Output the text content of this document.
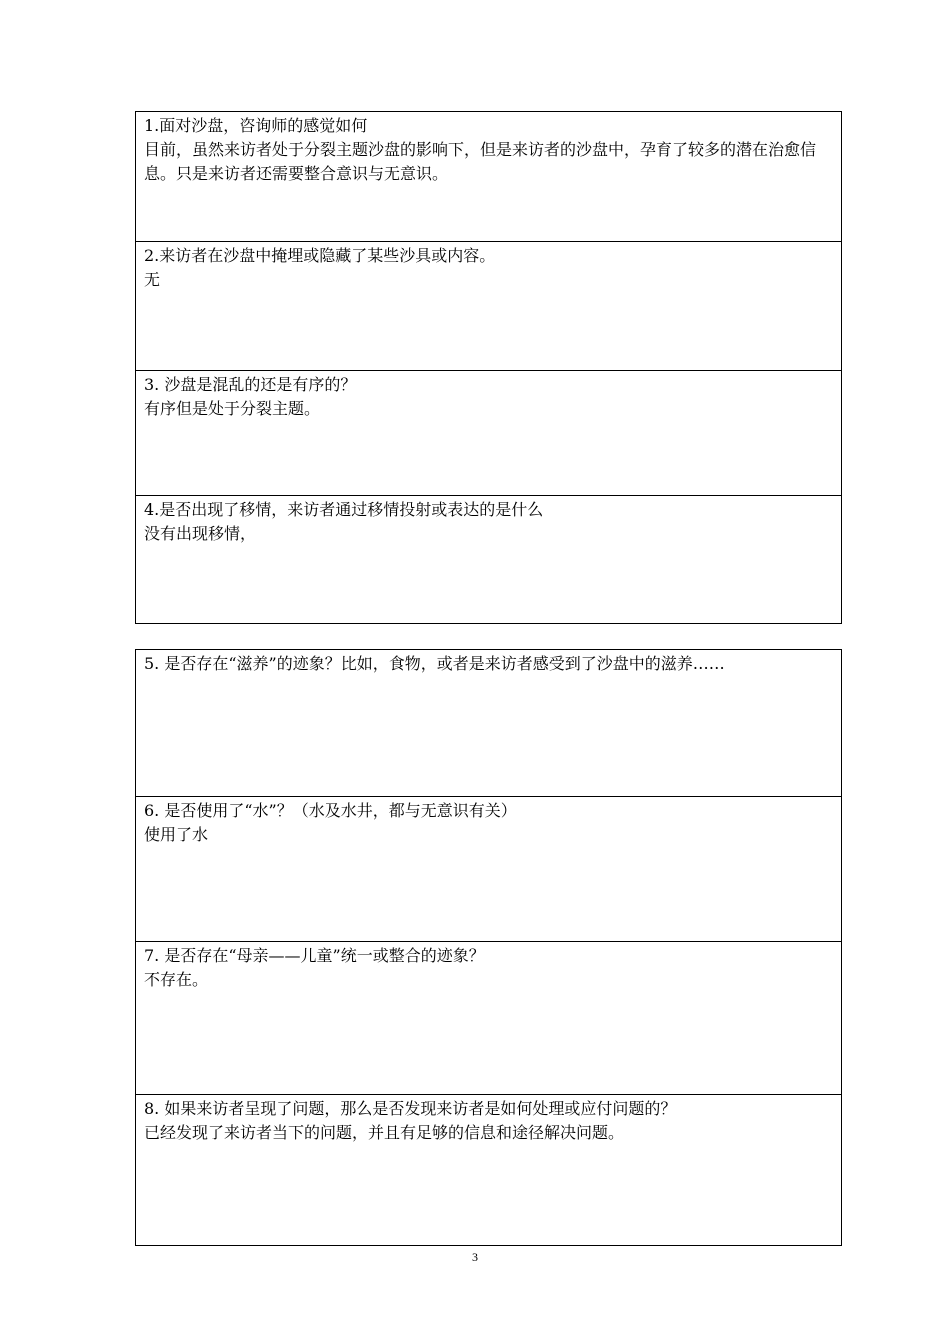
1.面对沙盘，咨询师的感觉如何
目前，虽然来访者处于分裂主题沙盘的影响下，但是来访者的沙盘中，孕育了较多的潜在治愈信息。只是来访者还需要整合意识与无意识。
2.来访者在沙盘中掩埋或隐藏了某些沙具或内容。
无
3. 沙盘是混乱的还是有序的？
有序但是处于分裂主题。
4.是否出现了移情，来访者通过移情投射或表达的是什么
没有出现移情，
5. 是否存在“滋养”的迹象？比如，食物，或者是来访者感受到了沙盘中的滋养……
6. 是否使用了“水”？（水及水井，都与无意识有关）
使用了水
7. 是否存在“母亲——儿童”统一或整合的迹象？
不存在。
8. 如果来访者呈现了问题，那么是否发现来访者是如何处理或应付问题的？
已经发现了来访者当下的问题，并且有足够的信息和途径解决问题。
3
